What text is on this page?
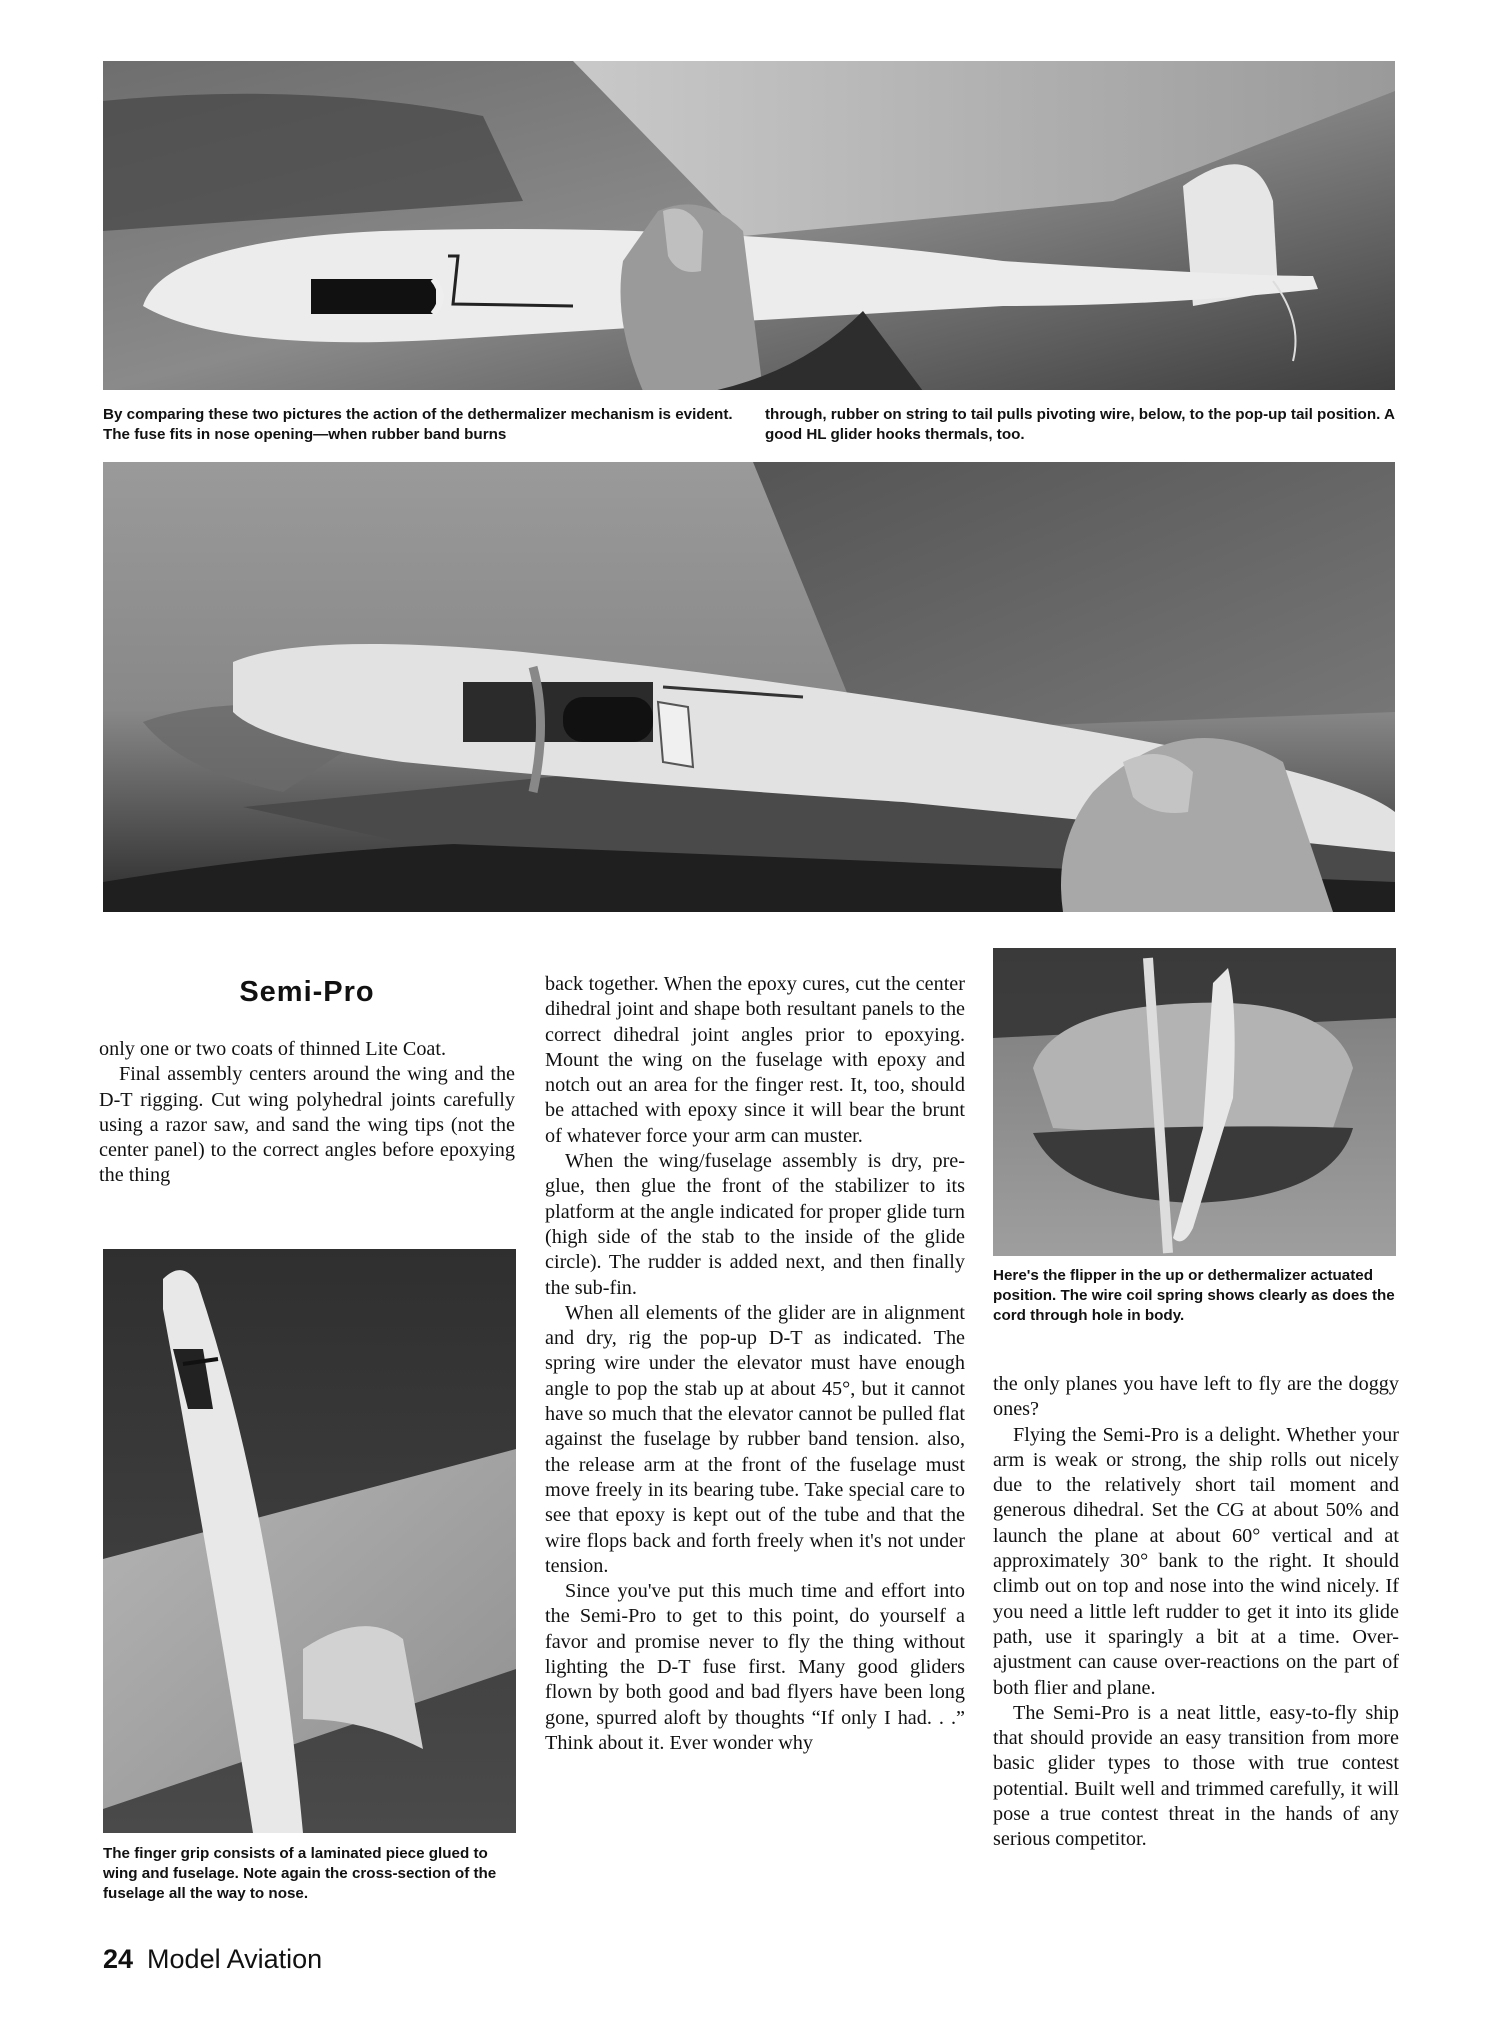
By comparing these two pictures the action of the dethermalizer mechanism is evident. The fuse fits in nose opening—when rubber band burns

through, rubber on string to tail pulls pivoting wire, below, to the pop-up tail position. A good HL glider hooks thermals, too.

Semi-Pro

only one or two coats of thinned Lite Coat.

Final assembly centers around the wing and the D-T rigging. Cut wing polyhedral joints carefully using a razor saw, and sand the wing tips (not the center panel) to the correct angles before epoxying the thing

The finger grip consists of a laminated piece glued to wing and fuselage. Note again the cross-section of the fuselage all the way to nose.

back together. When the epoxy cures, cut the center dihedral joint and shape both resultant panels to the correct dihedral joint angles prior to epoxying. Mount the wing on the fuselage with epoxy and notch out an area for the finger rest. It, too, should be attached with epoxy since it will bear the brunt of whatever force your arm can muster.

When the wing/fuselage assembly is dry, pre-glue, then glue the front of the stabilizer to its platform at the angle indicated for proper glide turn (high side of the stab to the inside of the glide circle). The rudder is added next, and then finally the sub-fin.

When all elements of the glider are in alignment and dry, rig the pop-up D-T as indicated. The spring wire under the elevator must have enough angle to pop the stab up at about 45°, but it cannot have so much that the elevator cannot be pulled flat against the fuselage by rubber band tension. also, the release arm at the front of the fuselage must move freely in its bearing tube. Take special care to see that epoxy is kept out of the tube and that the wire flops back and forth freely when it's not under tension.

Since you've put this much time and effort into the Semi-Pro to get to this point, do yourself a favor and promise never to fly the thing without lighting the D-T fuse first. Many good gliders flown by both good and bad flyers have been long gone, spurred aloft by thoughts “If only I had. . .” Think about it. Ever wonder why

Here's the flipper in the up or dethermalizer actuated position. The wire coil spring shows clearly as does the cord through hole in body.

the only planes you have left to fly are the doggy ones?

Flying the Semi-Pro is a delight. Whether your arm is weak or strong, the ship rolls out nicely due to the relatively short tail moment and generous dihedral. Set the CG at about 50% and launch the plane at about 60° vertical and at approximately 30° bank to the right. It should climb out on top and nose into the wind nicely. If you need a little left rudder to get it into its glide path, use it sparingly a bit at a time. Over-ajustment can cause over-reactions on the part of both flier and plane.

The Semi-Pro is a neat little, easy-to-fly ship that should provide an easy transition from more basic glider types to those with true contest potential. Built well and trimmed carefully, it will pose a true contest threat in the hands of any serious competitor.

24 Model Aviation
